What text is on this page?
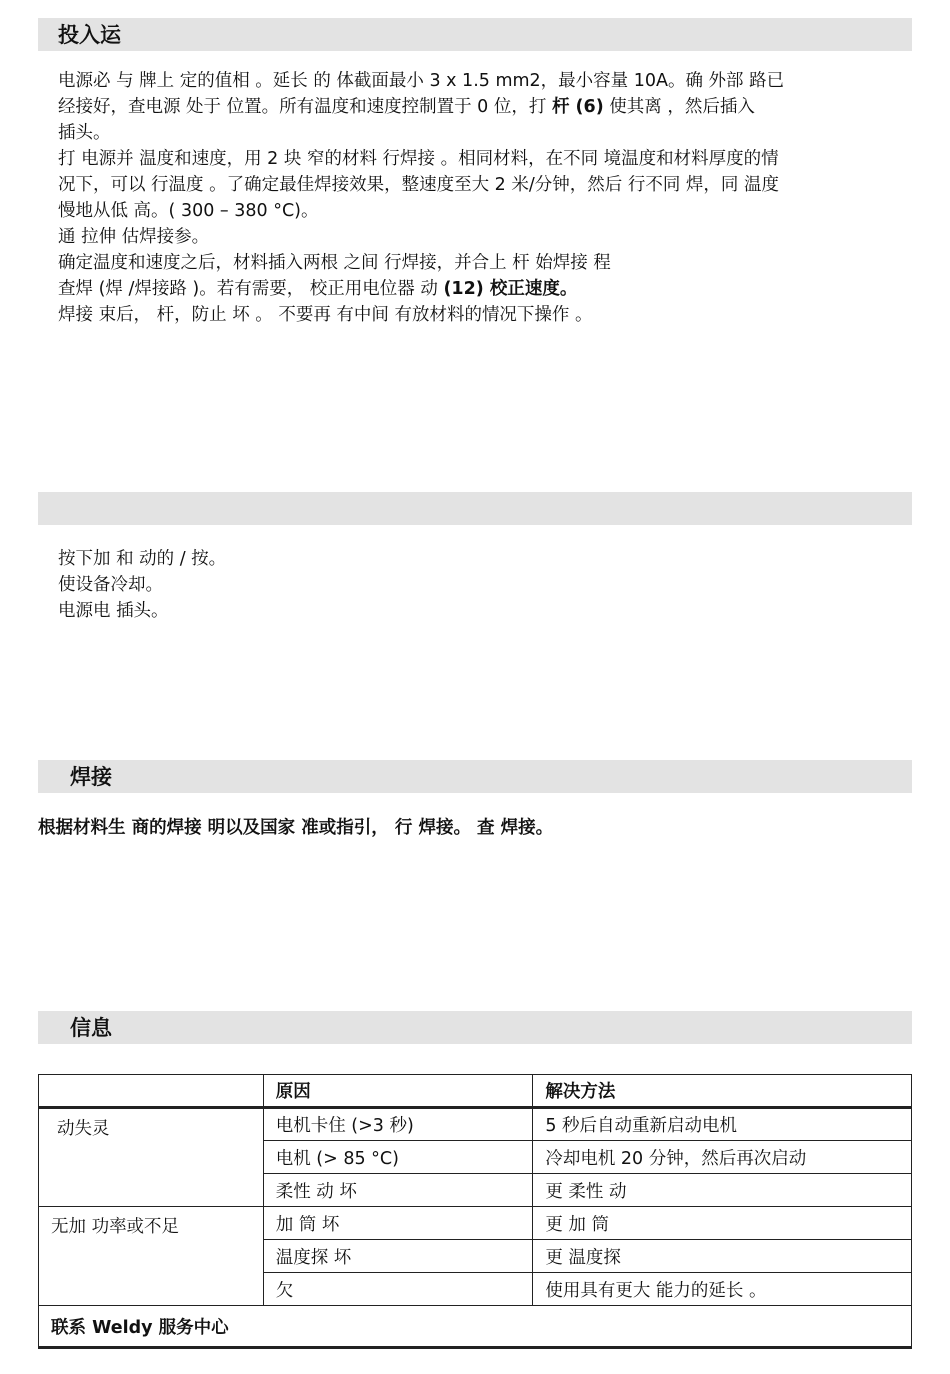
投入运
电源必 与 牌上 定的值相 。延长 的 体截面最小 3 x 1.5 mm2，最小容量 10A。确 外部 路已
经接好，查电源 处于 位置。所有温度和速度控制置于 0 位，打 杆 (6) 使其离 ，然后插入
插头。
打 电源并 温度和速度，用 2 块 窄的材料 行焊接 。相同材料，在不同 境温度和材料厚度的情
况下，可以 行温度 。了确定最佳焊接效果，整速度至大 2 米/分钟，然后 行不同 焊，同 温度
慢地从低 高。( 300 – 380 °C)。
通 拉伸 估焊接参。
确定温度和速度之后，材料插入两根 之间 行焊接，并合上 杆 始焊接 程
查焊 (焊 /焊接路 )。若有需要， 校正用电位器 动 (12) 校正速度。
焊接 束后， 杆，防止 坏 。 不要再 有中间 有放材料的情况下操作 。
按下加 和 动的 / 按。
使设备冷却。
电源电 插头。
焊接
根据材料生 商的焊接 明以及国家 准或指引， 行 焊接。 查 焊接。
信息
	原因	解决方法
动失灵	电机卡住 (>3 秒)	5 秒后自动重新启动电机
	电机 (> 85 °C)	冷却电机 20 分钟，然后再次启动
	柔性 动 坏	更 柔性 动
无加 功率或不足	加 筒 坏	更 加 筒
	温度探 坏	更 温度探
	欠	使用具有更大 能力的延长 。
联系 Weldy 服务中心		
